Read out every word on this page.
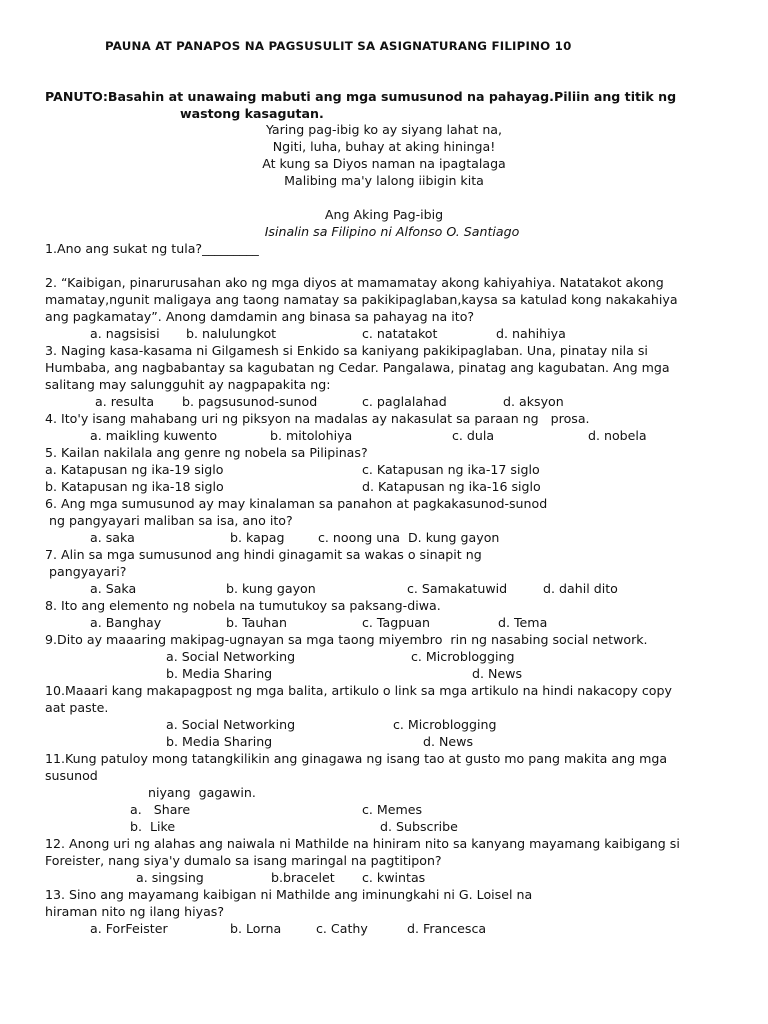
PAUNA AT PANAPOS NA PAGSUSULIT SA ASIGNATURANG FILIPINO 10
PANUTO:Basahin at unawaing mabuti ang mga sumusunod na pahayag.Piliin ang titik ng
wastong kasagutan.
Yaring pag-ibig ko ay siyang lahat na,
Ngiti, luha, buhay at aking hininga!
At kung sa Diyos naman na ipagtalaga
Malibing ma'y lalong iibigin kita
Ang Aking Pag-ibig
Isinalin sa Filipino ni Alfonso O. Santiago
1.Ano ang sukat ng tula?_________
2. “Kaibigan, pinarurusahan ako ng mga diyos at mamamatay akong kahiyahiya. Natatakot akong
mamatay,ngunit maligaya ang taong namatay sa pakikipaglaban,kaysa sa katulad kong nakakahiya
ang pagkamatay”. Anong damdamin ang binasa sa pahayag na ito?
a. nagsisisi b. nalulungkot	c. natatakot	d. nahihiya
3. Naging kasa-kasama ni Gilgamesh si Enkido sa kaniyang pakikipaglaban. Una, pinatay nila si
Humbaba, ang nagbabantay sa kagubatan ng Cedar. Pangalawa, pinatag ang kagubatan. Ang mga
salitang may salungguhit ay nagpapakita ng:
a. resulta b. pagsusunod-sunod	c. paglalahad	d. aksyon
4. Ito'y isang mahabang uri ng piksyon na madalas ay nakasulat sa paraan ng   prosa.
a. maikling kuwento	b. mitolohiya	c. dula	d. nobela
5. Kailan nakilala ang genre ng nobela sa Pilipinas?
a. Katapusan ng ika-19 siglo	c. Katapusan ng ika-17 siglo
b. Katapusan ng ika-18 siglo	d. Katapusan ng ika-16 siglo
6. Ang mga sumusunod ay may kinalaman sa panahon at pagkakasunod-sunod
ng pangyayari maliban sa isa, ano ito?
a. saka	b. kapag	c. noong una  D. kung gayon
7. Alin sa mga sumusunod ang hindi ginagamit sa wakas o sinapit ng
pangyayari?
a. Saka	b. kung gayon	c. Samakatuwid	d. dahil dito
8. Ito ang elemento ng nobela na tumutukoy sa paksang-diwa.
a. Banghay	b. Tauhan	c. Tagpuan	d. Tema
9.Dito ay maaaring makipag-ugnayan sa mga taong miyembro  rin ng nasabing social network.
a. Social Networking	c. Microblogging
b. Media Sharing	d. News
10.Maaari kang makapagpost ng mga balita, artikulo o link sa mga artikulo na hindi nakacopy copy
aat paste.
a. Social Networking	c. Microblogging
b. Media Sharing	d. News
11.Kung patuloy mong tatangkilikin ang ginagawa ng isang tao at gusto mo pang makita ang mga
susunod
niyang  gagawin.
a.   Share	c. Memes
b.  Like	d. Subscribe
12. Anong uri ng alahas ang naiwala ni Mathilde na hiniram nito sa kanyang mayamang kaibigang si
Foreister, nang siya'y dumalo sa isang maringal na pagtitipon?
a. singsing	b.bracelet c. kwintas
13. Sino ang mayamang kaibigan ni Mathilde ang iminungkahi ni G. Loisel na
hiraman nito ng ilang hiyas?
a. ForFeister	b. Lorna	c. Cathy	d. Francesca
